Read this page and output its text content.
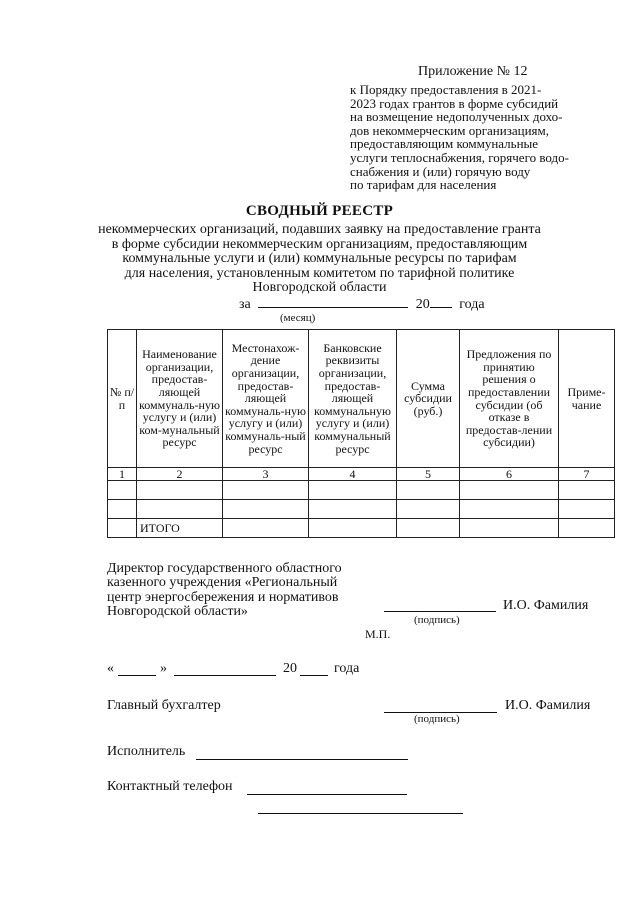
Приложение № 12
к Порядку предоставления в 2021-
2023 годах грантов в форме субсидий
на возмещение недополученных дохо-
дов некоммерческим организациям,
предоставляющим коммунальные
услуги теплоснабжения, горячего водо-
снабжения и (или) горячую воду
по тарифам для населения
СВОДНЫЙ РЕЕСТР
некоммерческих организаций, подавших заявку на предоставление гранта
в форме субсидии некоммерческим организациям, предоставляющим
коммунальные услуги и (или) коммунальные ресурсы по тарифам
для населения, установленным комитетом по тарифной политике
Новгородской области
за	20 года
(месяц)
№ п/п	Наименование организации, предостав-ляющей коммуналь-ную услугу и (или) ком-мунальный ресурс	Местонахож-дение организации, предостав-ляющей коммуналь-ную услугу и (или) коммуналь-ный ресурс	Банковские реквизиты организации, предостав-ляющей коммунальную услугу и (или) коммунальный ресурс	Сумма субсидии (руб.)	Предложения по принятию решения о предоставлении субсидии (об отказе в предостав-лении субсидии)	Приме-чание
1	2	3	4	5	6	7

	ИТОГО					
Директор государственного областного
казенного учреждения «Региональный
центр энергосбережения и нормативов
Новгородской области»	И.О. Фамилия
(подпись)
М.П.
«	»	20	года
Главный бухгалтер	И.О. Фамилия
(подпись)
Исполнитель
Контактный телефон
